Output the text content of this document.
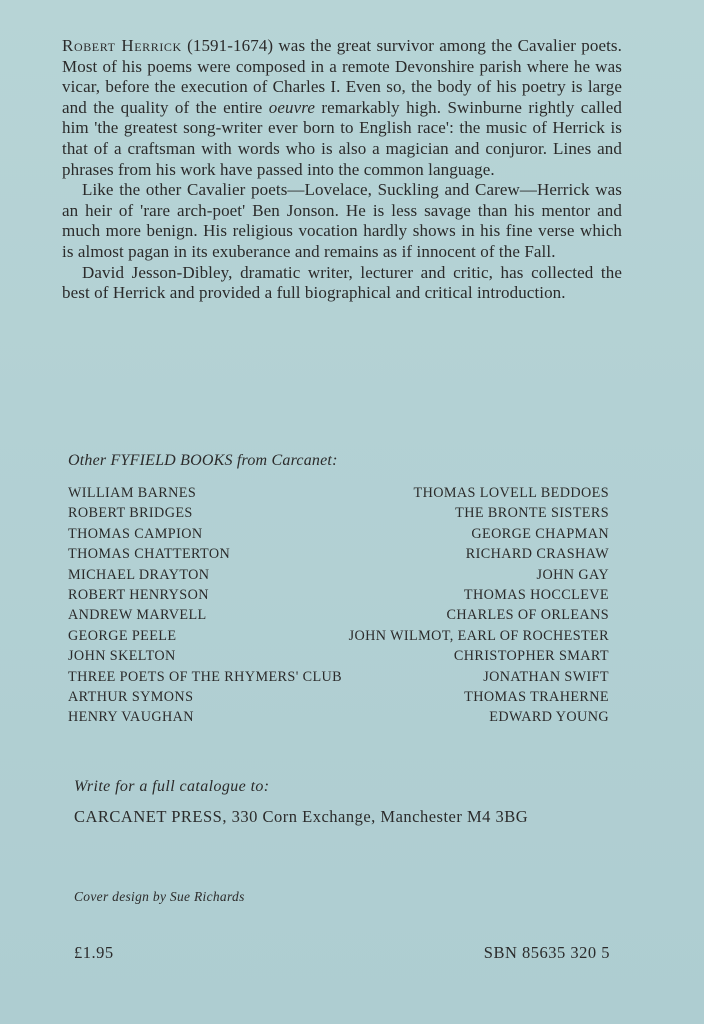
Robert Herrick (1591-1674) was the great survivor among the Cavalier poets. Most of his poems were composed in a remote Devonshire parish where he was vicar, before the execution of Charles I. Even so, the body of his poetry is large and the quality of the entire oeuvre remarkably high. Swinburne rightly called him 'the greatest song-writer ever born to English race': the music of Herrick is that of a craftsman with words who is also a magician and conjuror. Lines and phrases from his work have passed into the common language.

Like the other Cavalier poets—Lovelace, Suckling and Carew—Herrick was an heir of 'rare arch-poet' Ben Jonson. He is less savage than his mentor and much more benign. His religious vocation hardly shows in his fine verse which is almost pagan in its exuberance and remains as if innocent of the Fall.

David Jesson-Dibley, dramatic writer, lecturer and critic, has collected the best of Herrick and provided a full biographical and critical introduction.

Other FYFIELD BOOKS from Carcanet:
WILLIAM BARNES	THOMAS LOVELL BEDDOES
ROBERT BRIDGES	THE BRONTE SISTERS
THOMAS CAMPION	GEORGE CHAPMAN
THOMAS CHATTERTON	RICHARD CRASHAW
MICHAEL DRAYTON	JOHN GAY
ROBERT HENRYSON	THOMAS HOCCLEVE
ANDREW MARVELL	CHARLES OF ORLEANS
GEORGE PEELE	JOHN WILMOT, EARL OF ROCHESTER
JOHN SKELTON	CHRISTOPHER SMART
THREE POETS OF THE RHYMERS' CLUB	JONATHAN SWIFT
ARTHUR SYMONS	THOMAS TRAHERNE
HENRY VAUGHAN	EDWARD YOUNG
Write for a full catalogue to:
CARCANET PRESS, 330 Corn Exchange, Manchester M4 3BG
Cover design by Sue Richards
£1.95	SBN 85635 320 5
